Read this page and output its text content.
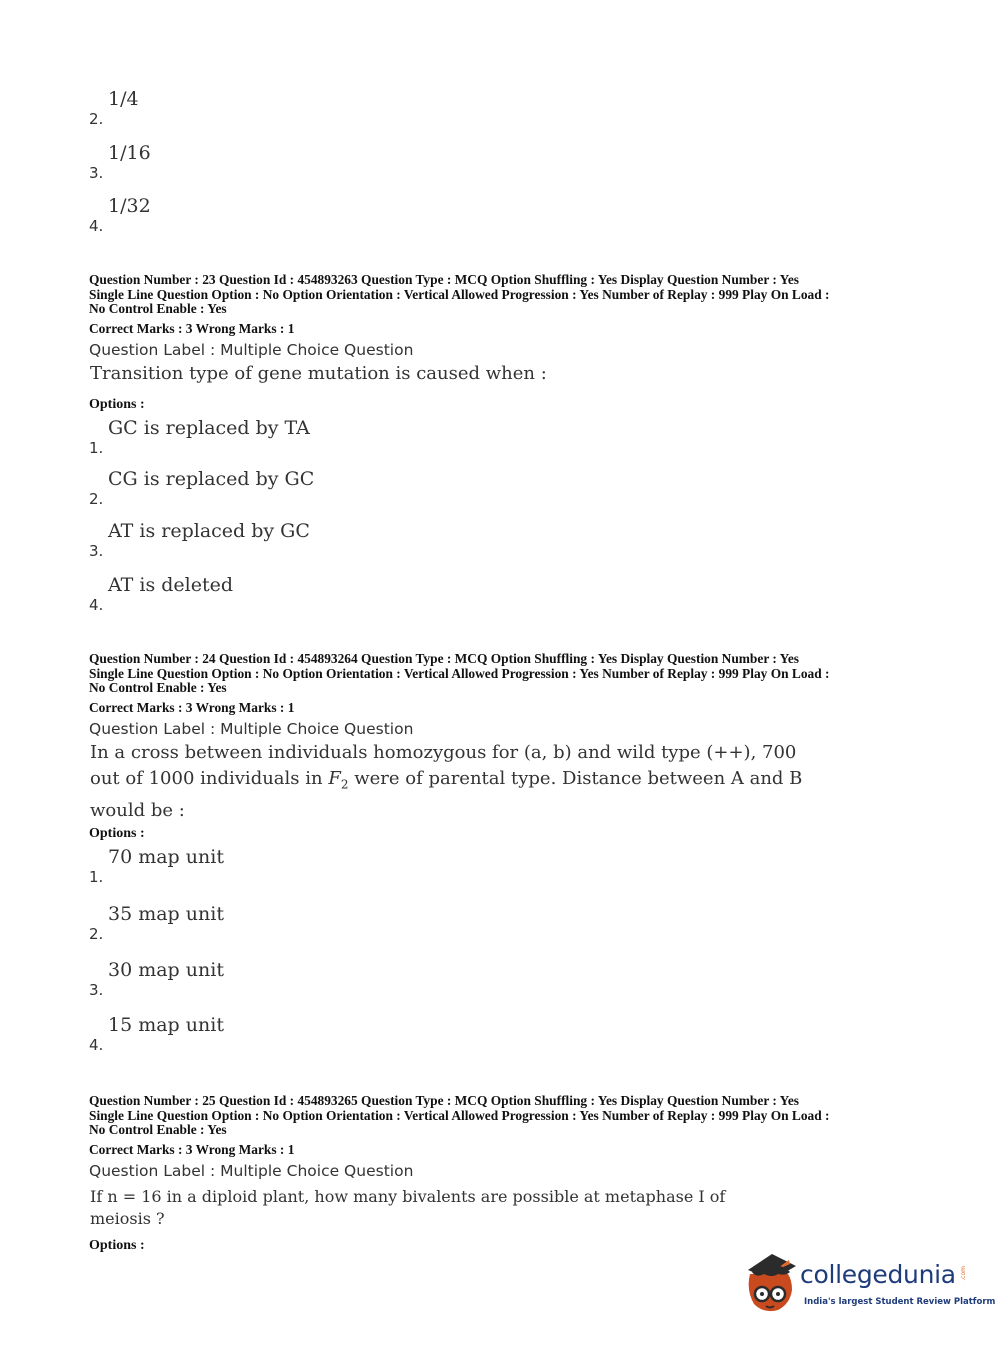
2.
1/4
3.
1/16
4.
1/32
Question Number : 23 Question Id : 454893263 Question Type : MCQ Option Shuffling : Yes Display Question Number : Yes
Single Line Question Option : No Option Orientation : Vertical Allowed Progression : Yes Number of Replay : 999 Play On Load :
No Control Enable : Yes
Correct Marks : 3 Wrong Marks : 1
Question Label : Multiple Choice Question
Transition type of gene mutation is caused when :
Options :
1.
GC is replaced by TA
2.
CG is replaced by GC
3.
AT is replaced by GC
4.
AT is deleted
Question Number : 24 Question Id : 454893264 Question Type : MCQ Option Shuffling : Yes Display Question Number : Yes
Single Line Question Option : No Option Orientation : Vertical Allowed Progression : Yes Number of Replay : 999 Play On Load :
No Control Enable : Yes
Correct Marks : 3 Wrong Marks : 1
Question Label : Multiple Choice Question
In a cross between individuals homozygous for (a, b) and wild type (++), 700
out of 1000 individuals in $F_2$ were of parental type. Distance between A and B
would be :
Options :
1.
70 map unit
2.
35 map unit
3.
30 map unit
4.
15 map unit
Question Number : 25 Question Id : 454893265 Question Type : MCQ Option Shuffling : Yes Display Question Number : Yes
Single Line Question Option : No Option Orientation : Vertical Allowed Progression : Yes Number of Replay : 999 Play On Load :
No Control Enable : Yes
Correct Marks : 3 Wrong Marks : 1
Question Label : Multiple Choice Question
If n = 16 in a diploid plant, how many bivalents are possible at metaphase I of
meiosis ?
Options :
collegedunia .com
India's largest Student Review Platform
